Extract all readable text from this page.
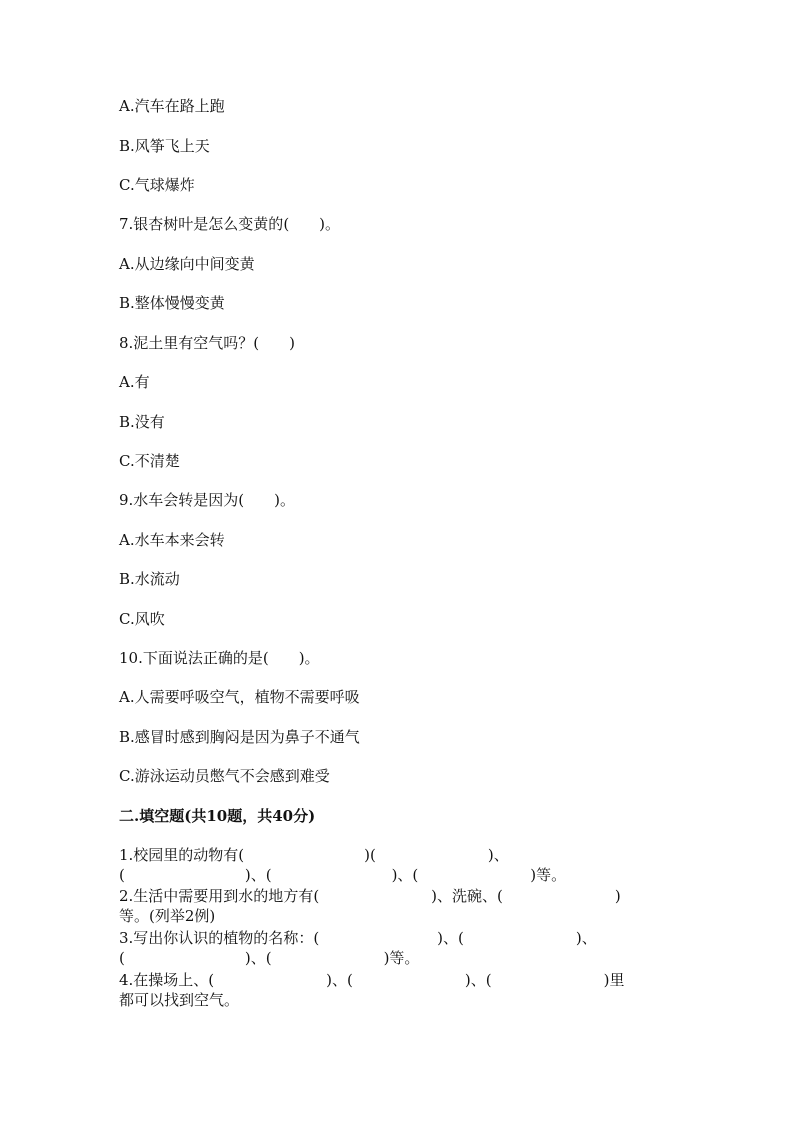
A.汽车在路上跑
B.风筝飞上天
C.气球爆炸
7.银杏树叶是怎么变黄的(　　)。
A.从边缘向中间变黄
B.整体慢慢变黄
8.泥土里有空气吗？(　　)
A.有
B.没有
C.不清楚
9.水车会转是因为(　　)。
A.水车本来会转
B.水流动
C.风吹
10.下面说法正确的是(　　)。
A.人需要呼吸空气，植物不需要呼吸
B.感冒时感到胸闷是因为鼻子不通气
C.游泳运动员憋气不会感到难受
二.填空题(共10题，共40分)
1.校园里的动物有(	)(	)、
(	)、(	)、(	)等。
2.生活中需要用到水的地方有(	)、洗碗、(	)
等。(列举2例)
3.写出你认识的植物的名称：(	)、(	)、
(	)、(	)等。
4.在操场上、(	)、(	)、(	)里
都可以找到空气。
